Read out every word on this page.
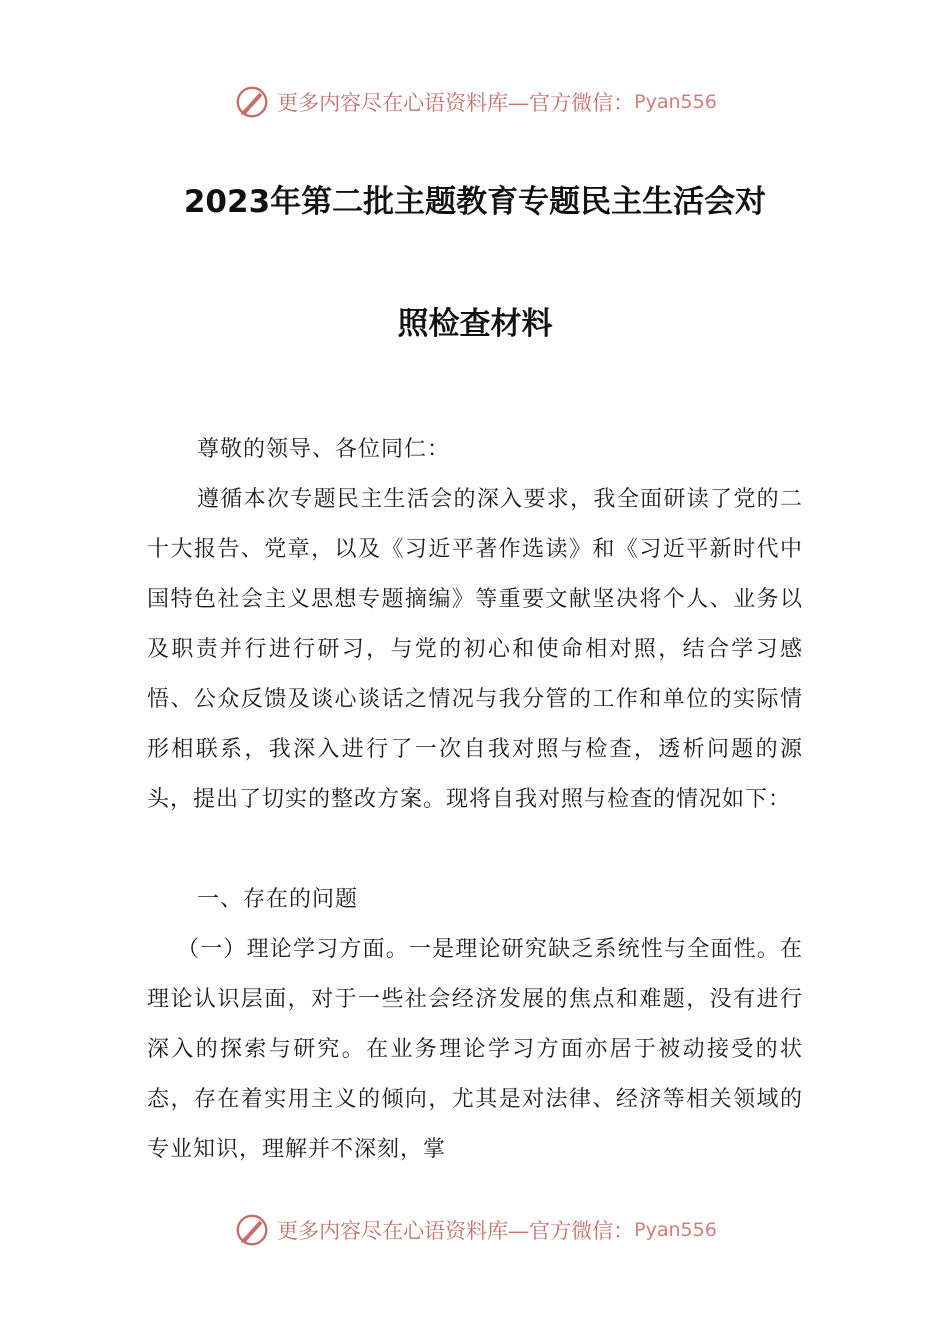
更多内容尽在心语资料库—官方微信： Pyan556
2023年第二批主题教育专题民主生活会对
照检查材料

尊敬的领导、各位同仁：

遵循本次专题民主生活会的深入要求，我全面研读了党的二十大报告、党章，以及《习近平著作选读》和《习近平新时代中国特色社会主义思想专题摘编》等重要文献坚决将个人、业务以及职责并行进行研习，与党的初心和使命相对照，结合学习感悟、公众反馈及谈心谈话之情况与我分管的工作和单位的实际情形相联系，我深入进行了一次自我对照与检查，透析问题的源头，提出了切实的整改方案。现将自我对照与检查的情况如下：

一、存在的问题

（一）理论学习方面。一是理论研究缺乏系统性与全面性。在理论认识层面，对于一些社会经济发展的焦点和难题，没有进行深入的探索与研究。在业务理论学习方面亦居于被动接受的状态，存在着实用主义的倾向，尤其是对法律、经济等相关领域的专业知识，理解并不深刻，掌

更多内容尽在心语资料库—官方微信： Pyan556
